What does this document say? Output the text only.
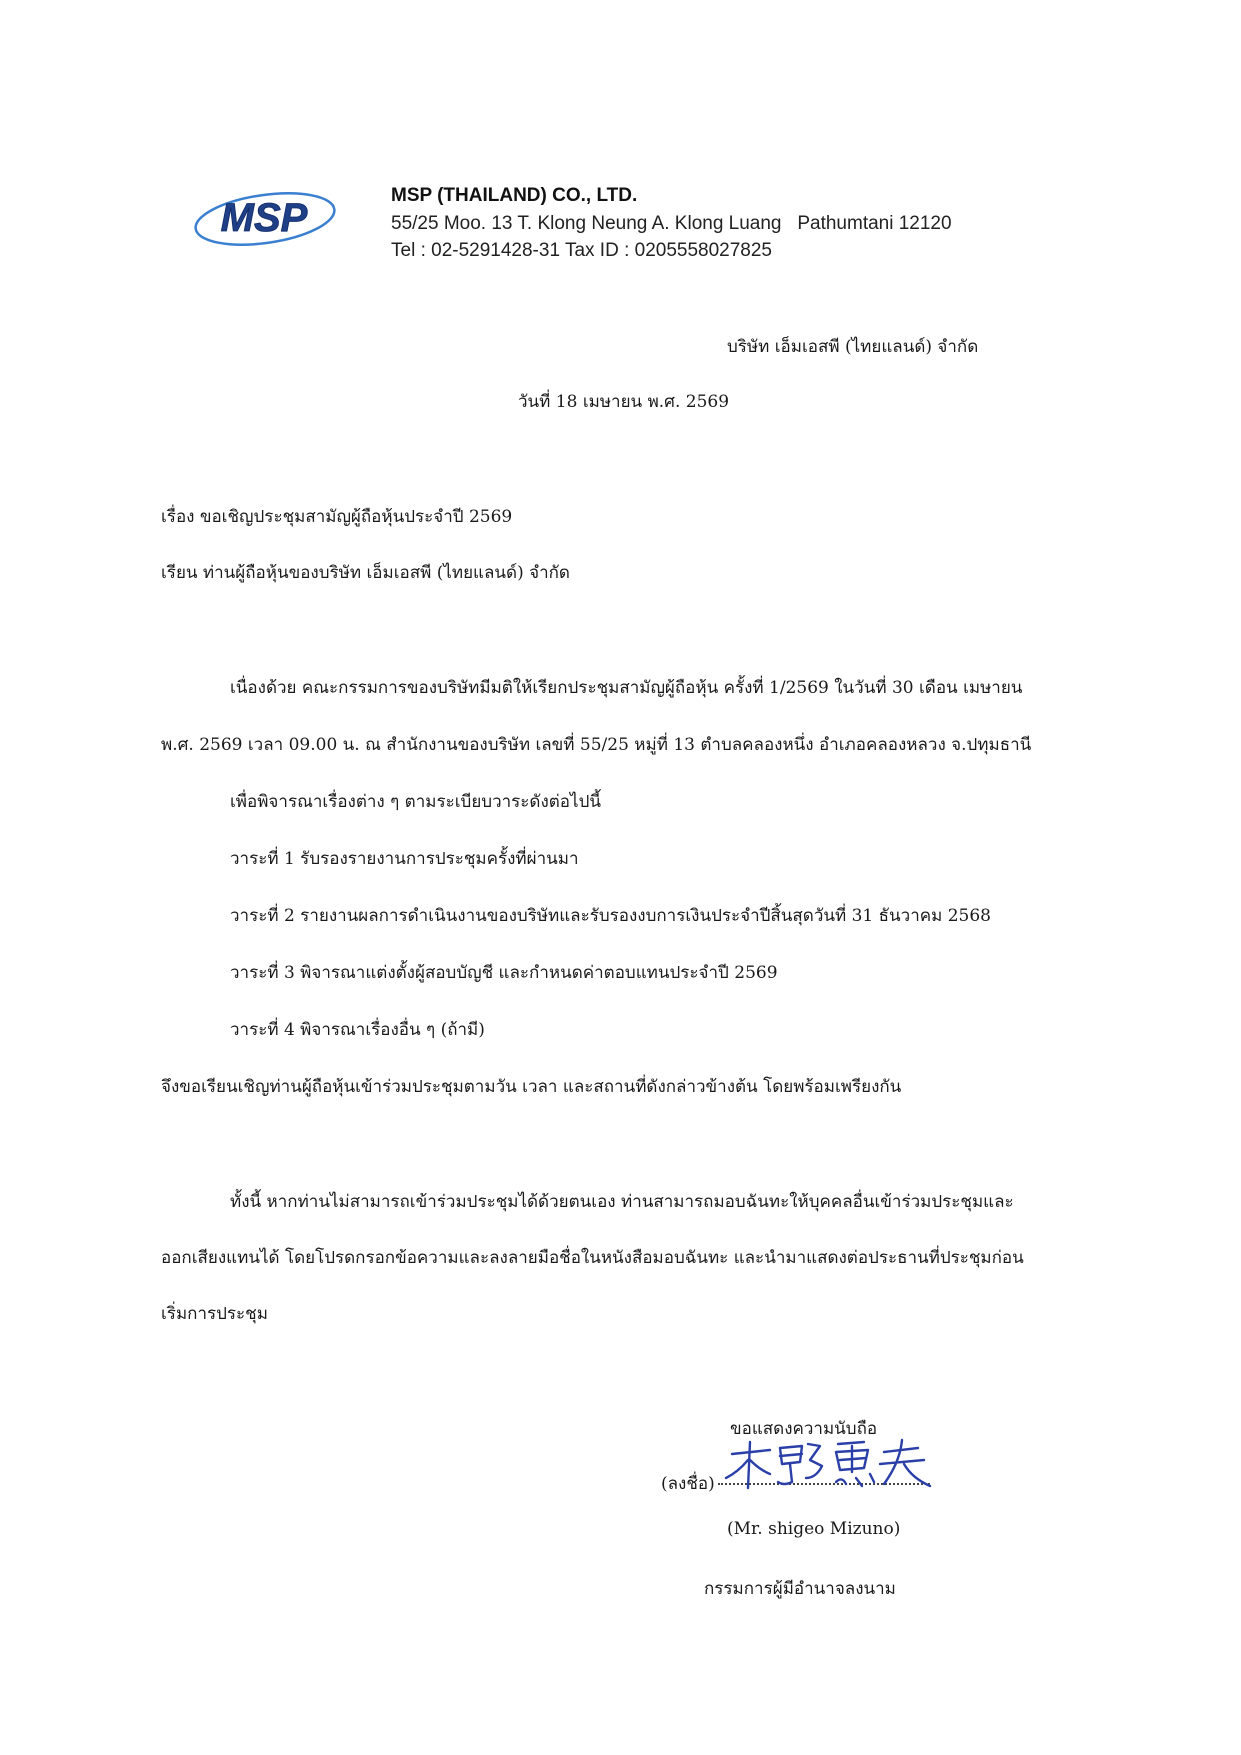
MSP
MSP (THAILAND) CO., LTD.
55/25 Moo. 13 T. Klong Neung A. Klong Luang   Pathumtani 12120
Tel : 02-5291428-31 Tax ID : 0205558027825
บริษัท เอ็มเอสพี (ไทยแลนด์) จำกัด
วันที่ 18 เมษายน พ.ศ. 2569
เรื่อง ขอเชิญประชุมสามัญผู้ถือหุ้นประจำปี 2569
เรียน ท่านผู้ถือหุ้นของบริษัท เอ็มเอสพี (ไทยแลนด์) จำกัด
เนื่องด้วย คณะกรรมการของบริษัทมีมติให้เรียกประชุมสามัญผู้ถือหุ้น ครั้งที่ 1/2569 ในวันที่ 30 เดือน เมษายน
พ.ศ. 2569 เวลา 09.00 น. ณ สำนักงานของบริษัท เลขที่ 55/25 หมู่ที่ 13 ตำบลคลองหนึ่ง อำเภอคลองหลวง จ.ปทุมธานี
เพื่อพิจารณาเรื่องต่าง ๆ ตามระเบียบวาระดังต่อไปนี้
วาระที่ 1 รับรองรายงานการประชุมครั้งที่ผ่านมา
วาระที่ 2 รายงานผลการดำเนินงานของบริษัทและรับรองงบการเงินประจำปีสิ้นสุดวันที่ 31 ธันวาคม 2568
วาระที่ 3 พิจารณาแต่งตั้งผู้สอบบัญชี และกำหนดค่าตอบแทนประจำปี 2569
วาระที่ 4 พิจารณาเรื่องอื่น ๆ (ถ้ามี)
จึงขอเรียนเชิญท่านผู้ถือหุ้นเข้าร่วมประชุมตามวัน เวลา และสถานที่ดังกล่าวข้างต้น โดยพร้อมเพรียงกัน
ทั้งนี้ หากท่านไม่สามารถเข้าร่วมประชุมได้ด้วยตนเอง ท่านสามารถมอบฉันทะให้บุคคลอื่นเข้าร่วมประชุมและ
ออกเสียงแทนได้ โดยโปรดกรอกข้อความและลงลายมือชื่อในหนังสือมอบฉันทะ และนำมาแสดงต่อประธานที่ประชุมก่อน
เริ่มการประชุม
ขอแสดงความนับถือ
(ลงชื่อ)
(Mr. shigeo Mizuno)
กรรมการผู้มีอำนาจลงนาม
